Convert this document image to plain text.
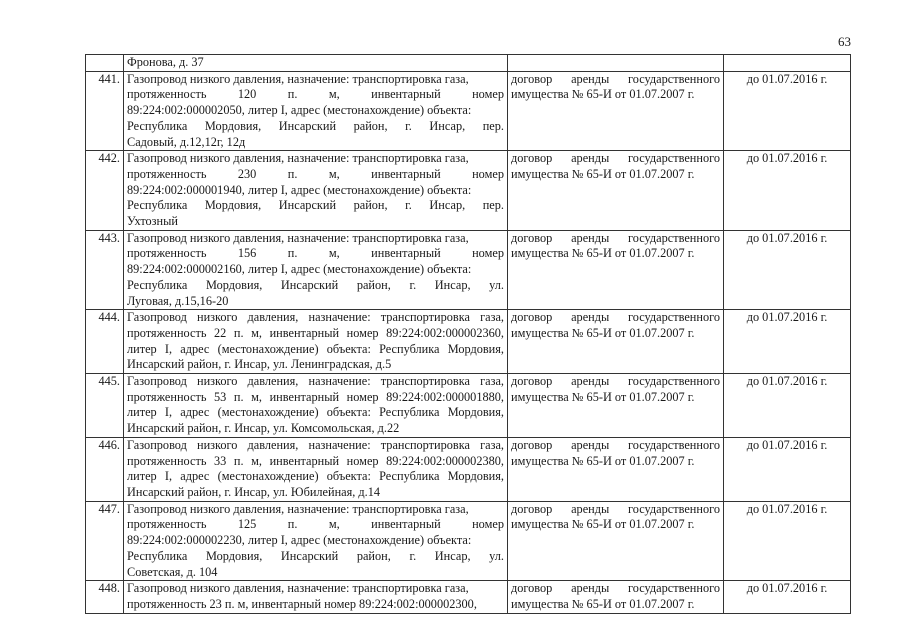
63

	Фронова, д. 37		

441.	Газопровод низкого давления, назначение: транспортировка газа,
протяженность 120 п. м, инвентарный номер
89:224:002:000002050, литер I, адрес (местонахождение) объекта:
Республика Мордовия, Инсарский район, г. Инсар, пер.
Садовый, д.12,12г, 12д	договор аренды государственного
имущества № 65-И от 01.07.2007 г.	до 01.07.2016 г.
442.	Газопровод низкого давления, назначение: транспортировка газа,
протяженность 230 п. м, инвентарный номер
89:224:002:000001940, литер I, адрес (местонахождение) объекта:
Республика Мордовия, Инсарский район, г. Инсар, пер.
Ухтозный	договор аренды государственного
имущества № 65-И от 01.07.2007 г.	до 01.07.2016 г.
443.	Газопровод низкого давления, назначение: транспортировка газа,
протяженность 156 п. м, инвентарный номер
89:224:002:000002160, литер I, адрес (местонахождение) объекта:
Республика Мордовия, Инсарский район, г. Инсар, ул.
Луговая, д.15,16-20	договор аренды государственного
имущества № 65-И от 01.07.2007 г.	до 01.07.2016 г.
444.	Газопровод низкого давления, назначение: транспортировка газа,
протяженность 22 п. м, инвентарный номер 89:224:002:000002360,
литер I, адрес (местонахождение) объекта: Республика Мордовия,
Инсарский район, г. Инсар, ул. Ленинградская, д.5	договор аренды государственного
имущества № 65-И от 01.07.2007 г.	до 01.07.2016 г.
445.	Газопровод низкого давления, назначение: транспортировка газа,
протяженность 53 п. м, инвентарный номер 89:224:002:000001880,
литер I, адрес (местонахождение) объекта: Республика Мордовия,
Инсарский район, г. Инсар, ул. Комсомольская, д.22	договор аренды государственного
имущества № 65-И от 01.07.2007 г.	до 01.07.2016 г.
446.	Газопровод низкого давления, назначение: транспортировка газа,
протяженность 33 п. м, инвентарный номер 89:224:002:000002380,
литер I, адрес (местонахождение) объекта: Республика Мордовия,
Инсарский район, г. Инсар, ул. Юбилейная, д.14	договор аренды государственного
имущества № 65-И от 01.07.2007 г.	до 01.07.2016 г.
447.	Газопровод низкого давления, назначение: транспортировка газа,
протяженность 125 п. м, инвентарный номер
89:224:002:000002230, литер I, адрес (местонахождение) объекта:
Республика Мордовия, Инсарский район, г. Инсар, ул.
Советская, д. 104	договор аренды государственного
имущества № 65-И от 01.07.2007 г.	до 01.07.2016 г.
448.	Газопровод низкого давления, назначение: транспортировка газа,
протяженность 23 п. м, инвентарный номер 89:224:002:000002300,	договор аренды государственного
имущества № 65-И от 01.07.2007 г.	до 01.07.2016 г.
